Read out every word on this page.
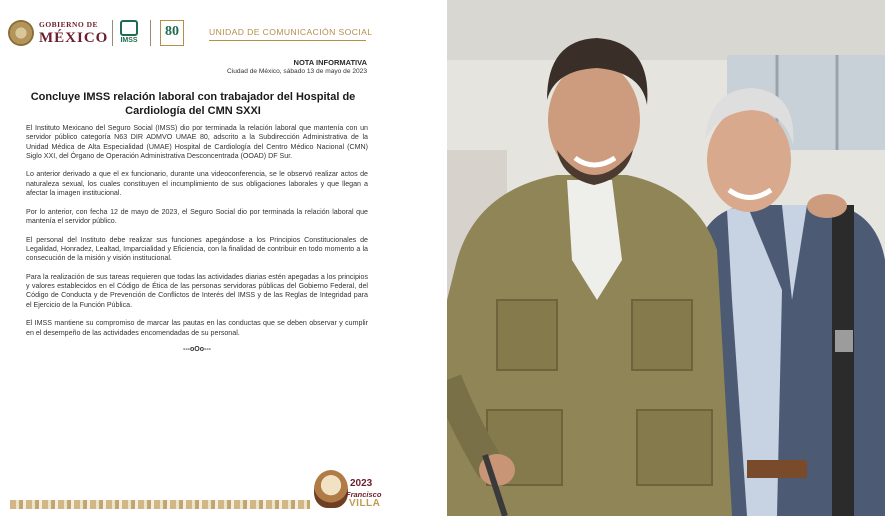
GOBIERNO DE
MÉXICO	IMSS
80	UNIDAD DE COMUNICACIÓN SOCIAL
NOTA INFORMATIVA
Ciudad de México, sábado 13 de mayo de 2023
Concluye IMSS relación laboral con trabajador del Hospital de Cardiología del CMN SXXI

El Instituto Mexicano del Seguro Social (IMSS) dio por terminada la relación laboral que mantenía con un servidor público categoría N63 DIR ADMVO UMAE 80, adscrito a la Subdirección Administrativa de la Unidad Médica de Alta Especialidad (UMAE) Hospital de Cardiología del Centro Médico Nacional (CMN) Siglo XXI, del Órgano de Operación Administrativa Desconcentrada (OOAD) DF Sur.

Lo anterior derivado a que el ex funcionario, durante una videoconferencia, se le observó realizar actos de naturaleza sexual, los cuales constituyen el incumplimiento de sus obligaciones laborales y que llegan a afectar la imagen institucional.

Por lo anterior, con fecha 12 de mayo de 2023, el Seguro Social dio por terminada la relación laboral que mantenía el servidor público.

El personal del Instituto debe realizar sus funciones apegándose a los Principios Constitucionales de Legalidad, Honradez, Lealtad, Imparcialidad y Eficiencia, con la finalidad de contribuir en todo momento a la consecución de la misión y visión institucional.

Para la realización de sus tareas requieren que todas las actividades diarias estén apegadas a los principios y valores establecidos en el Código de Ética de las personas servidoras públicas del Gobierno Federal, del Código de Conducta y de Prevención de Conflictos de Interés del IMSS y de las Reglas de Integridad para el Ejercicio de la Función Pública.

El IMSS mantiene su compromiso de marcar las pautas en las conductas que se deben observar y cumplir en el desempeño de las actividades encomendadas de su personal.

---oOo---
2023
Francisco
VILLA
